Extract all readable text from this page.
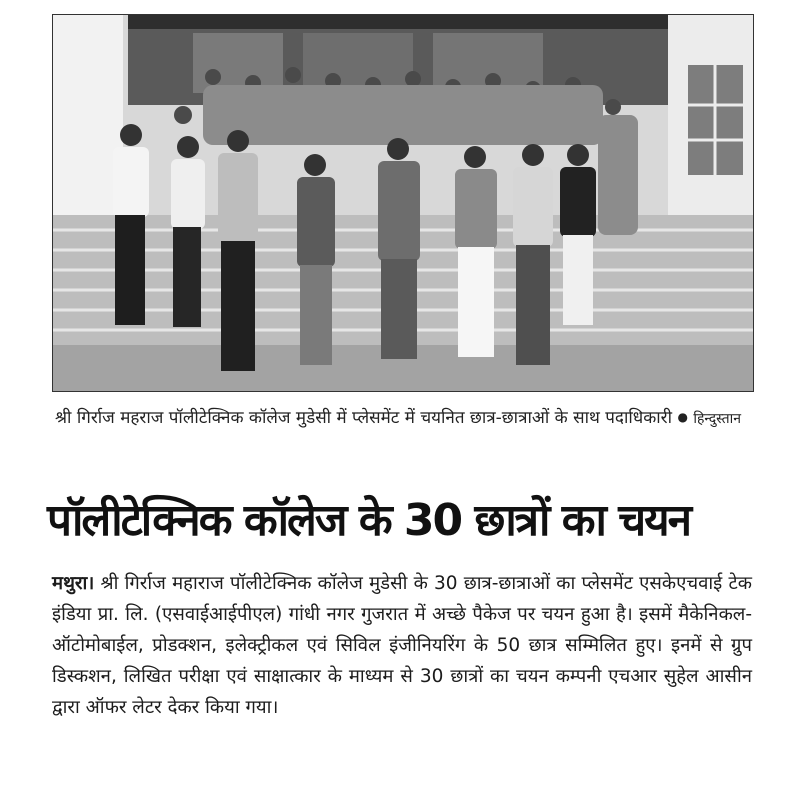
श्री गिर्राज महराज पॉलीटेक्निक कॉलेज मुडेसी में प्लेसमेंट में चयनित छात्र-छात्राओं के साथ पदाधिकारी ● हिन्दुस्तान
पॉलीटेक्निक कॉलेज के 30 छात्रों का चयन
मथुरा। श्री गिर्राज महाराज पॉलीटेक्निक कॉलेज मुडेसी के 30 छात्र-छात्राओं का प्लेसमेंट एसकेएचवाई टेक इंडिया प्रा. लि. (एसवाईआईपीएल) गांधी नगर गुजरात में अच्छे पैकेज पर चयन हुआ है। इसमें मैकेनिकल-ऑटोमोबाईल, प्रोडक्शन, इलेक्ट्रीकल एवं सिविल इंजीनियरिंग के 50 छात्र सम्मिलित हुए। इनमें से ग्रुप डिस्कशन, लिखित परीक्षा एवं साक्षात्कार के माध्यम से 30 छात्रों का चयन कम्पनी एचआर सुहेल आसीन द्वारा ऑफर लेटर देकर किया गया।
